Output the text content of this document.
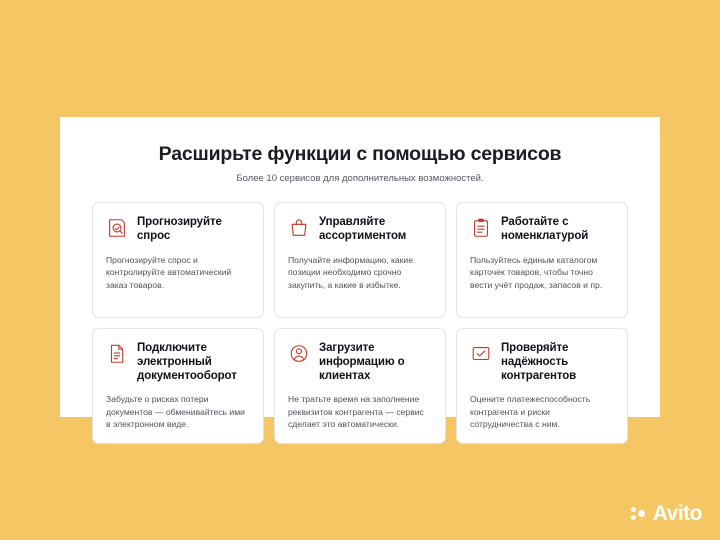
Расширьте функции с помощью сервисов
Более 10 сервисов для дополнительных возможностей.
Прогнозируйте спрос
Прогнозируйте спрос и контролируйте автоматический заказ товаров.
Управляйте ассортиментом
Получайте информацию, какие позиции необходимо срочно закупить, а какие в избытке.
Работайте с номенклатурой
Пользуйтесь единым каталогом карточек товаров, чтобы точно вести учёт продаж, запасов и пр.
Подключите электронный документооборот
Забудьте о рисках потери документов — обменивайтесь ими в электронном виде.
Загрузите информацию о клиентах
Не тратьте время на заполнение реквизитов контрагента — сервис сделает это автоматически.
Проверяйте надёжность контрагентов
Оцените платежеспособность контрагента и риски сотрудничества с ним.
Avito
